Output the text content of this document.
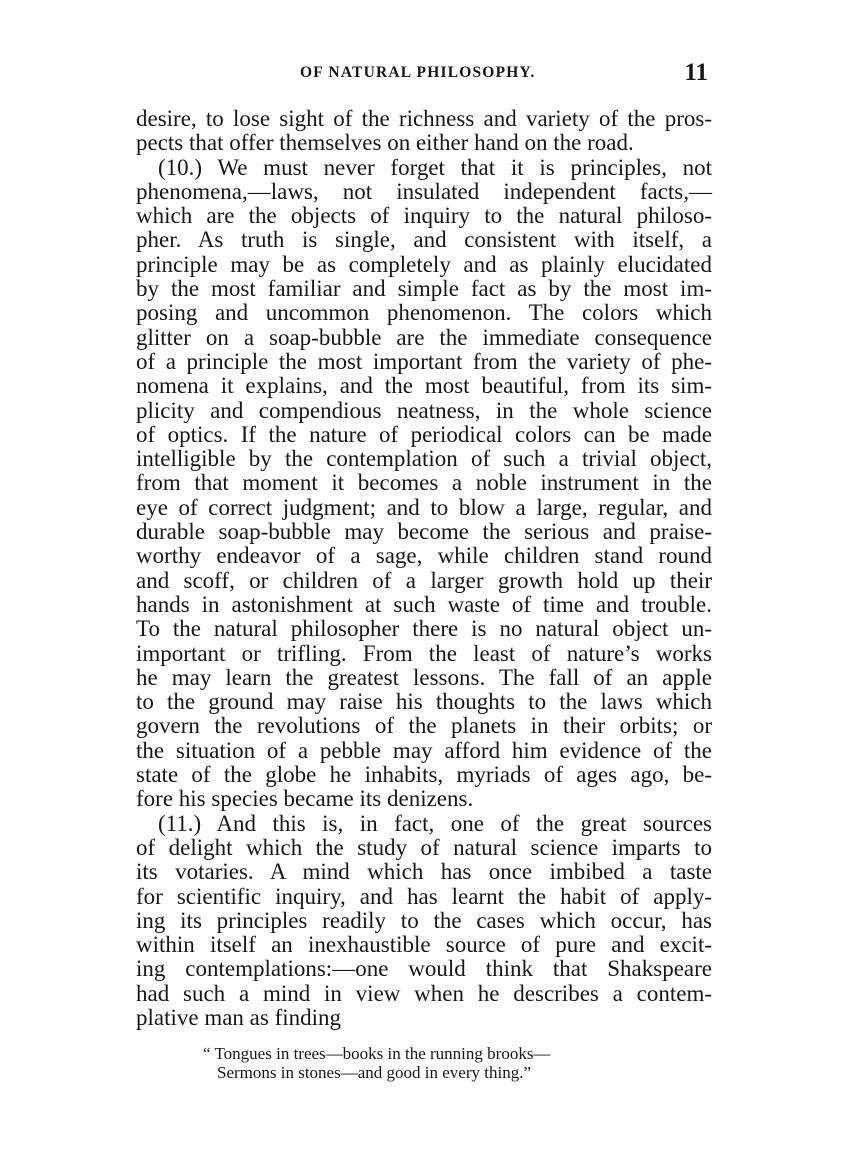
OF NATURAL PHILOSOPHY.	11
desire, to lose sight of the richness and variety of the pros-
pects that offer themselves on either hand on the road.
(10.) We must never forget that it is principles, not
phenomena,—laws, not insulated independent facts,—
which are the objects of inquiry to the natural philoso-
pher. As truth is single, and consistent with itself, a
principle may be as completely and as plainly elucidated
by the most familiar and simple fact as by the most im-
posing and uncommon phenomenon. The colors which
glitter on a soap-bubble are the immediate consequence
of a principle the most important from the variety of phe-
nomena it explains, and the most beautiful, from its sim-
plicity and compendious neatness, in the whole science
of optics. If the nature of periodical colors can be made
intelligible by the contemplation of such a trivial object,
from that moment it becomes a noble instrument in the
eye of correct judgment; and to blow a large, regular, and
durable soap-bubble may become the serious and praise-
worthy endeavor of a sage, while children stand round
and scoff, or children of a larger growth hold up their
hands in astonishment at such waste of time and trouble.
To the natural philosopher there is no natural object un-
important or trifling. From the least of nature’s works
he may learn the greatest lessons. The fall of an apple
to the ground may raise his thoughts to the laws which
govern the revolutions of the planets in their orbits; or
the situation of a pebble may afford him evidence of the
state of the globe he inhabits, myriads of ages ago, be-
fore his species became its denizens.
(11.) And this is, in fact, one of the great sources
of delight which the study of natural science imparts to
its votaries. A mind which has once imbibed a taste
for scientific inquiry, and has learnt the habit of apply-
ing its principles readily to the cases which occur, has
within itself an inexhaustible source of pure and excit-
ing contemplations:—one would think that Shakspeare
had such a mind in view when he describes a contem-
plative man as finding
“ Tongues in trees—books in the running brooks—
Sermons in stones—and good in every thing.”
